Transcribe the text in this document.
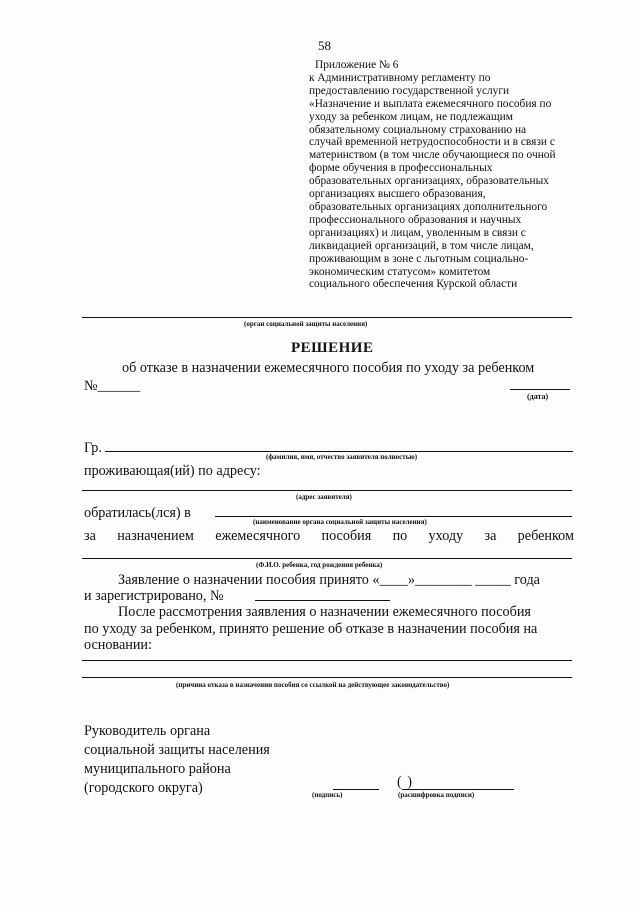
58
Приложение № 6
к Административному регламенту по
предоставлению государственной услуги
«Назначение и выплата ежемесячного пособия по
уходу за ребенком лицам, не подлежащим
обязательному социальному страхованию на
случай временной нетрудоспособности и в связи с
материнством (в том числе обучающиеся по очной
форме обучения в профессиональных
образовательных организациях, образовательных
организациях высшего образования,
образовательных организациях дополнительного
профессионального образования и научных
организациях) и лицам, уволенным в связи с
ликвидацией организаций, в том числе лицам,
проживающим в зоне с льготным социально-
экономическим статусом» комитетом
социального обеспечения Курской области
(орган социальной защиты населения)
РЕШЕНИЕ
об отказе в назначении ежемесячного пособия по уходу за ребенком
№______
(дата)
Гр.
(фамилия, имя, отчество заявителя полностью)
проживающая(ий) по адресу:
(адрес заявителя)
обратилась(лся) в
(наименование органа социальной защиты населения)
за назначением ежемесячного пособия по уходу за ребенком
(Ф.И.О. ребенка, год рождения ребенка)
Заявление о назначении пособия принято «____»________ _____ года
и зарегистрировано, №
После рассмотрения заявления о назначении ежемесячного пособия
по уходу за ребенком, принято решение об отказе в назначении пособия на
основании:
(причина отказа в назначении пособия со ссылкой на действующее законодательство)
Руководитель органа
социальной защиты населения
муниципального района
(городского округа)	(подпись)
( )
(расшифровка подписи)
